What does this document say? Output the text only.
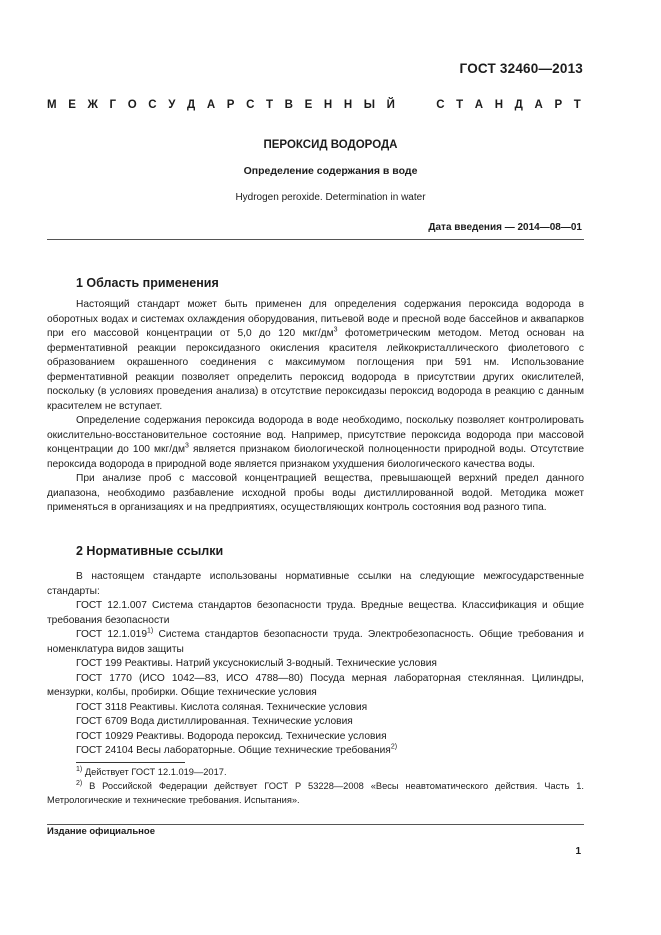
ГОСТ 32460—2013
М Е Ж Г О С У Д А Р С Т В Е Н Н Ы Й

	С Т А Н Д А Р Т
ПЕРОКСИД ВОДОРОДА
Определение содержания в воде
Hydrogen peroxide. Determination in water
Дата введения — 2014—08—01
1 Область применения

Настоящий стандарт может быть применен для определения содержания пероксида водорода в оборотных водах и системах охлаждения оборудования, питьевой воде и пресной воде бассейнов и аквапарков при его массовой концентрации от 5,0 до 120 мкг/$дм^3$ фотометрическим методом. Метод основан на ферментативной реакции пероксидазного окисления красителя лейкокристаллического фиолетового с образованием окрашенного соединения с максимумом поглощения при 591 нм. Использование ферментативной реакции позволяет определить пероксид водорода в присутствии других окислителей, поскольку (в условиях проведения анализа) в отсутствие пероксидазы пероксид водорода в реакцию с данным красителем не вступает.

Определение содержания пероксида водорода в воде необходимо, поскольку позволяет контролировать окислительно-восстановительное состояние вод. Например, присутствие пероксида водорода при массовой концентрации до 100 мкг/$дм^3$ является признаком биологической полноценности природной воды. Отсутствие пероксида водорода в природной воде является признаком ухудшения биологического качества воды.

При анализе проб с массовой концентрацией вещества, превышающей верхний предел данного диапазона, необходимо разбавление исходной пробы воды дистиллированной водой. Методика может применяться в организациях и на предприятиях, осуществляющих контроль состояния вод разного типа.

2 Нормативные ссылки

В настоящем стандарте использованы нормативные ссылки на следующие межгосударственные стандарты:

ГОСТ 12.1.007 Система стандартов безопасности труда. Вредные вещества. Классификация и общие требования безопасности

ГОСТ 12.1.019$^{1)}$ Система стандартов безопасности труда. Электробезопасность. Общие требования и номенклатура видов защиты

ГОСТ 199 Реактивы. Натрий уксуснокислый 3-водный. Технические условия

ГОСТ 1770 (ИСО 1042—83, ИСО 4788—80) Посуда мерная лабораторная стеклянная. Цилиндры, мензурки, колбы, пробирки. Общие технические условия

ГОСТ 3118 Реактивы. Кислота соляная. Технические условия

ГОСТ 6709 Вода дистиллированная. Технические условия

ГОСТ 10929 Реактивы. Водорода пероксид. Технические условия

ГОСТ 24104 Весы лабораторные. Общие технические требования$^{2)}$

$^{1)}$ Действует ГОСТ 12.1.019—2017.

$^{2)}$ В Российской Федерации действует ГОСТ Р 53228—2008 «Весы неавтоматического действия. Часть 1. Метрологические и технические требования. Испытания».

Издание официальное
1
